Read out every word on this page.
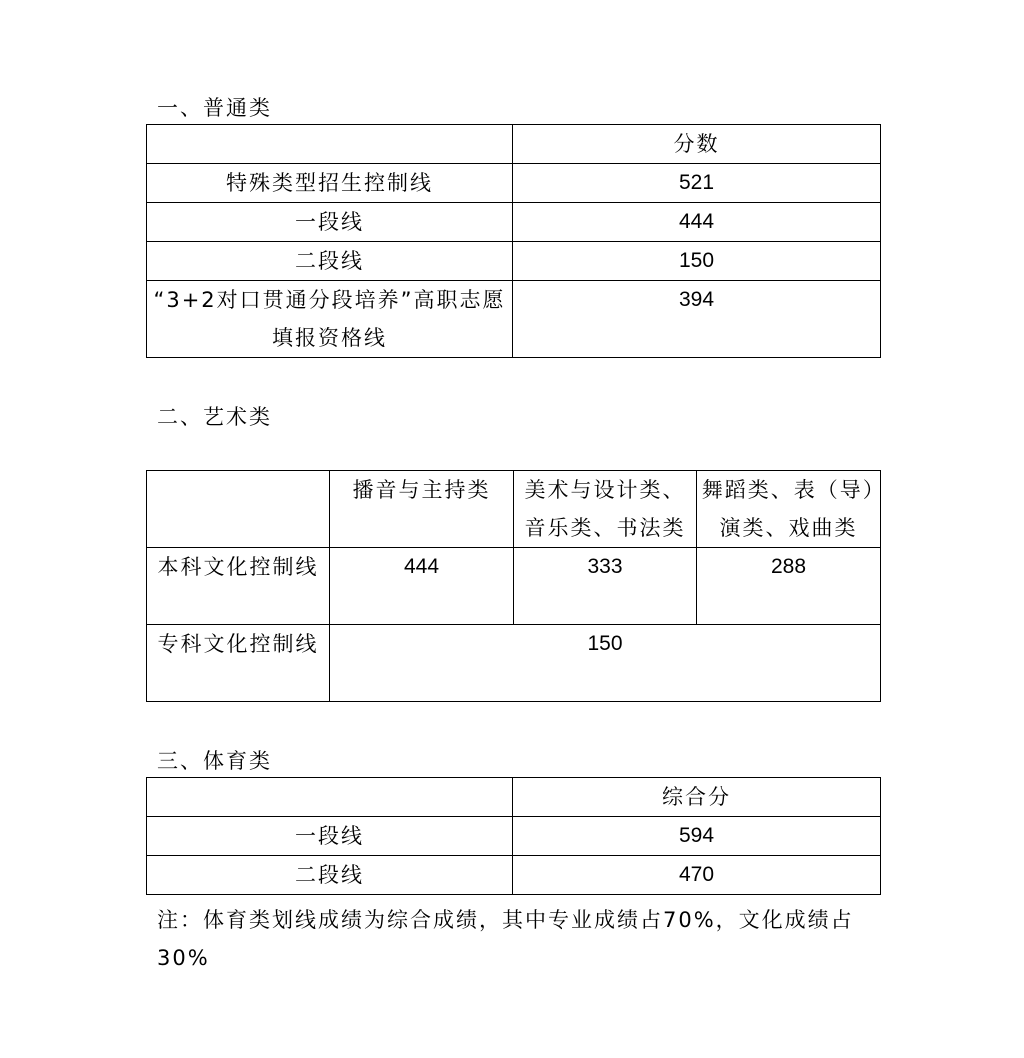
一、普通类
	分数
特殊类型招生控制线	521
一段线	444
二段线	150
“3+2对口贯通分段培养”高职志愿填报资格线	394
二、艺术类
	播音与主持类	美术与设计类、音乐类、书法类	舞蹈类、表（导）演类、戏曲类
本科文化控制线	444	333	288
专科文化控制线	150		
三、体育类
	综合分
一段线	594
二段线	470
注：体育类划线成绩为综合成绩，其中专业成绩占70%，文化成绩占30%
